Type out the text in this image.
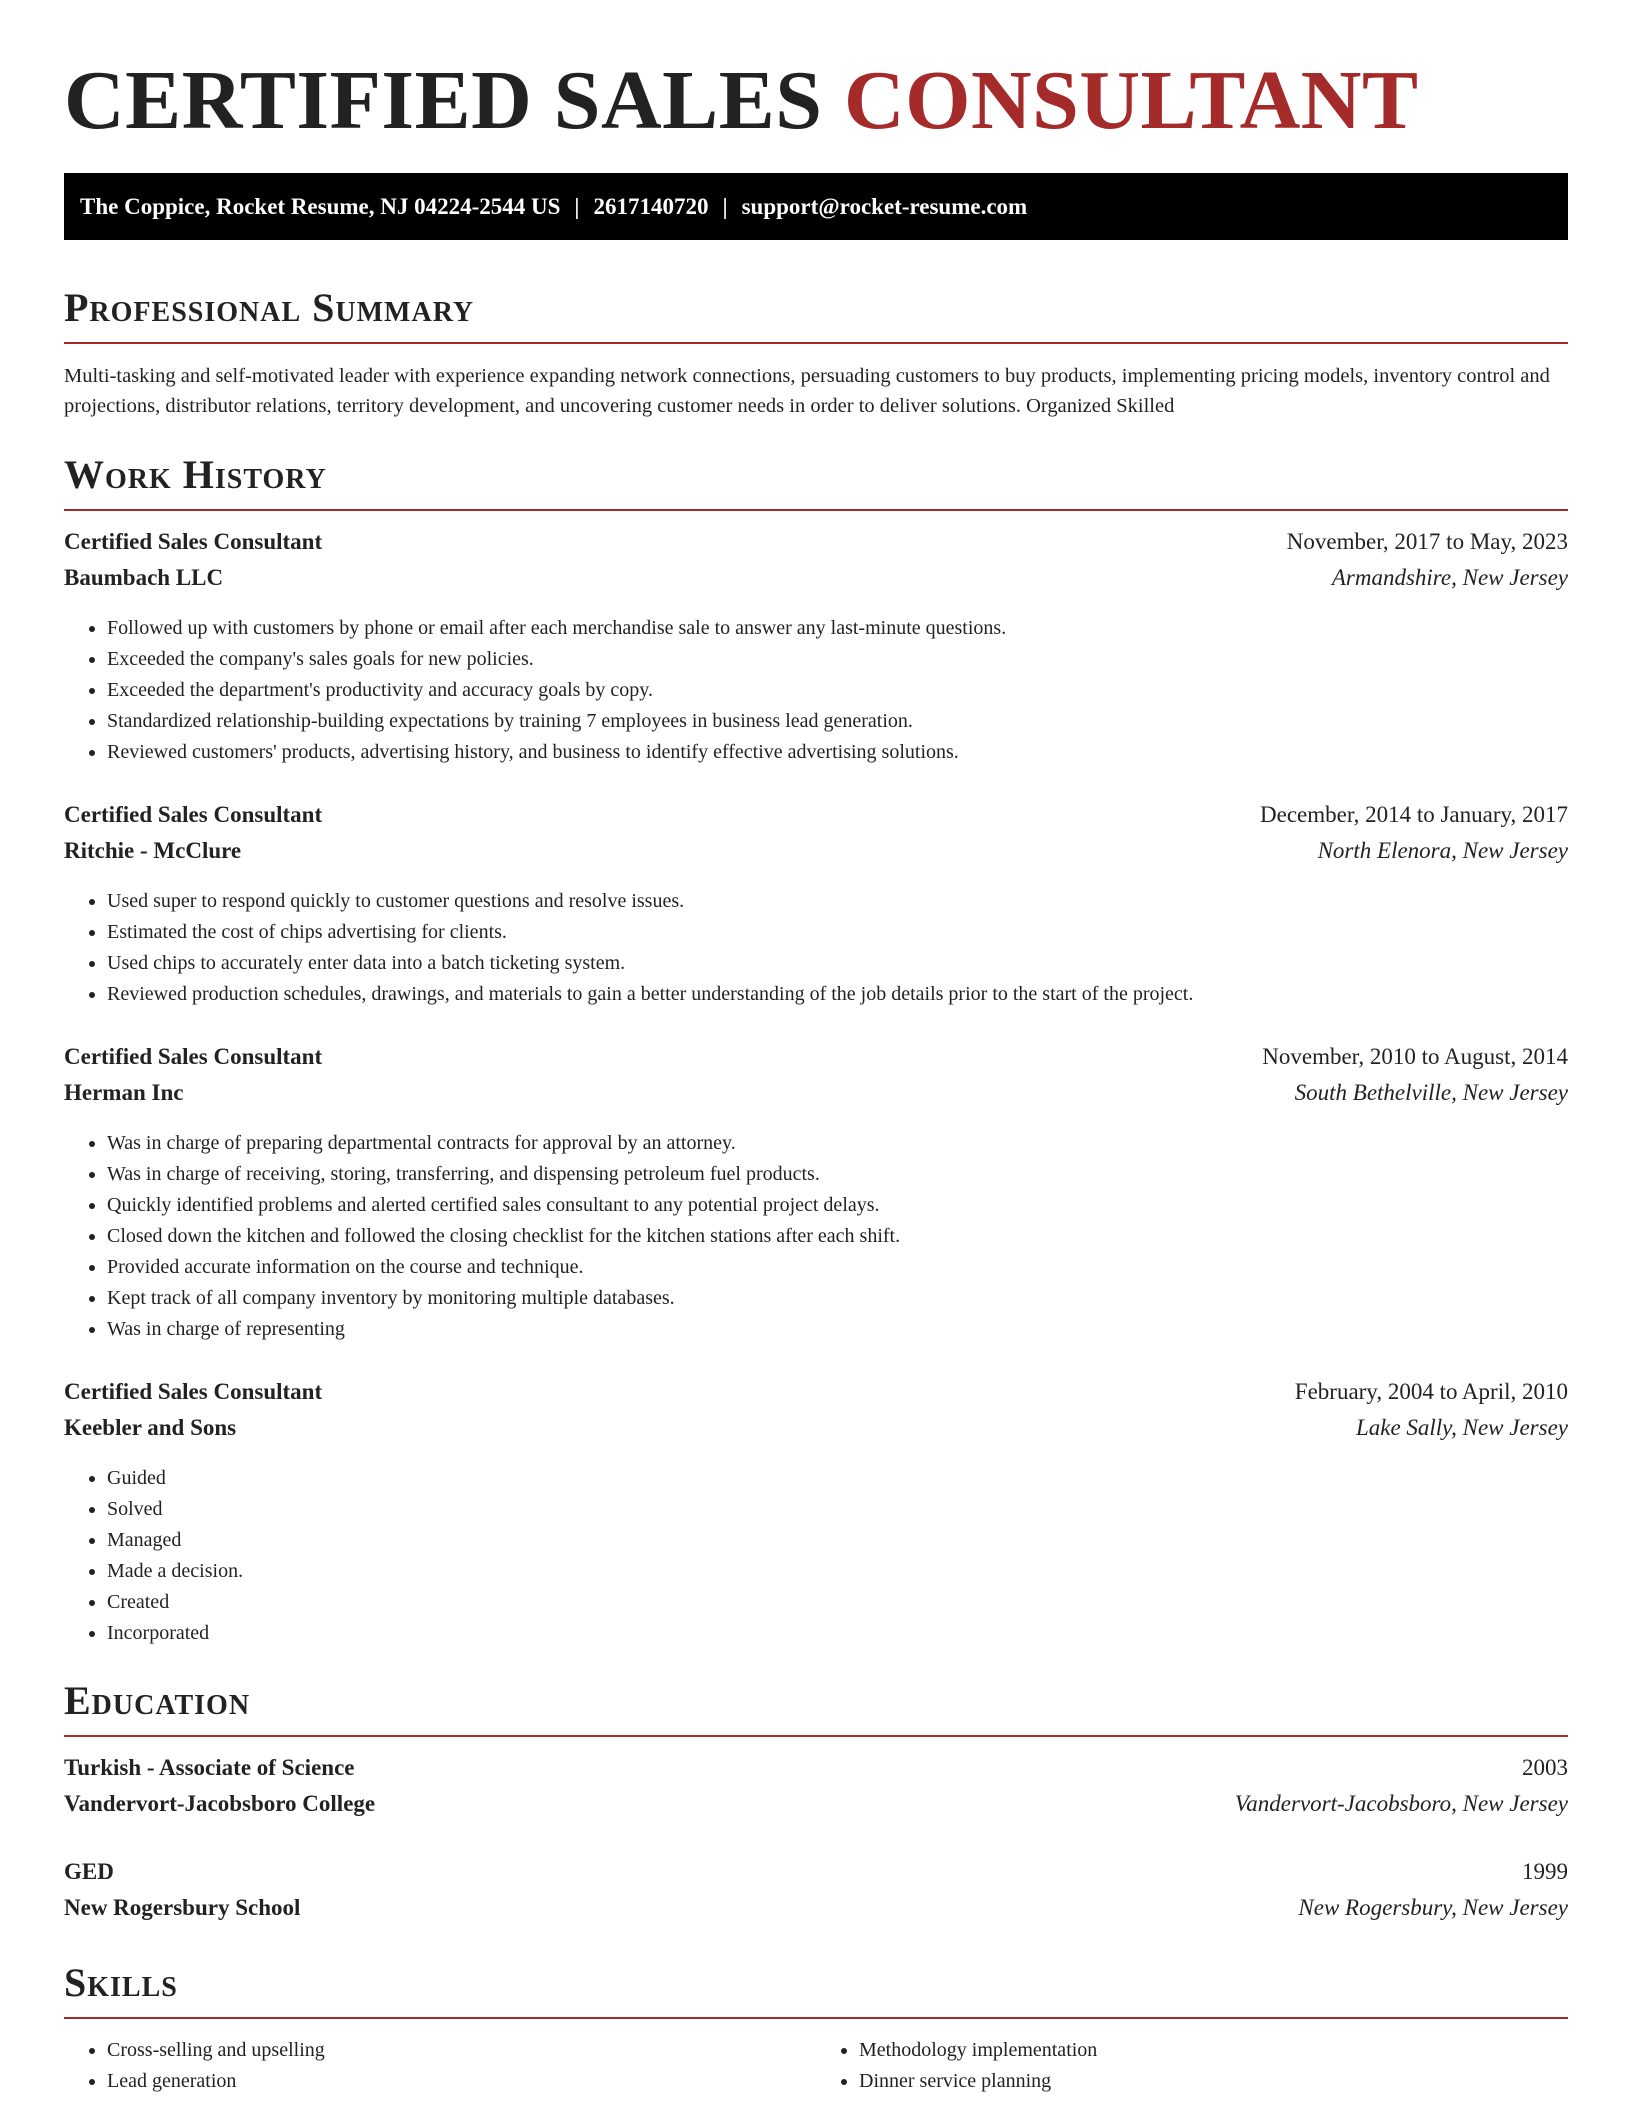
CERTIFIED SALES CONSULTANT
The Coppice, Rocket Resume, NJ 04224-2544 US | 2617140720 | support@rocket-resume.com
Professional Summary

Multi-tasking and self-motivated leader with experience expanding network connections, persuading customers to buy products, implementing pricing models, inventory control and projections, distributor relations, territory development, and uncovering customer needs in order to deliver solutions. Organized Skilled

Work History
Certified Sales Consultant	November, 2017 to May, 2023
Baumbach LLC	Armandshire, New Jersey
• Followed up with customers by phone or email after each merchandise sale to answer any last-minute questions.
• Exceeded the company's sales goals for new policies.
• Exceeded the department's productivity and accuracy goals by copy.
• Standardized relationship-building expectations by training 7 employees in business lead generation.
• Reviewed customers' products, advertising history, and business to identify effective advertising solutions.
Certified Sales Consultant	December, 2014 to January, 2017
Ritchie - McClure	North Elenora, New Jersey
• Used super to respond quickly to customer questions and resolve issues.
• Estimated the cost of chips advertising for clients.
• Used chips to accurately enter data into a batch ticketing system.
• Reviewed production schedules, drawings, and materials to gain a better understanding of the job details prior to the start of the project.
Certified Sales Consultant	November, 2010 to August, 2014
Herman Inc	South Bethelville, New Jersey
• Was in charge of preparing departmental contracts for approval by an attorney.
• Was in charge of receiving, storing, transferring, and dispensing petroleum fuel products.
• Quickly identified problems and alerted certified sales consultant to any potential project delays.
• Closed down the kitchen and followed the closing checklist for the kitchen stations after each shift.
• Provided accurate information on the course and technique.
• Kept track of all company inventory by monitoring multiple databases.
• Was in charge of representing
Certified Sales Consultant	February, 2004 to April, 2010
Keebler and Sons	Lake Sally, New Jersey
• Guided
• Solved
• Managed
• Made a decision.
• Created
• Incorporated
Education
Turkish - Associate of Science	2003
Vandervort-Jacobsboro College	Vandervort-Jacobsboro, New Jersey
GED	1999
New Rogersbury School	New Rogersbury, New Jersey
Skills
• Cross-selling and upselling
• Lead generation
• Methodology implementation
• Dinner service planning
